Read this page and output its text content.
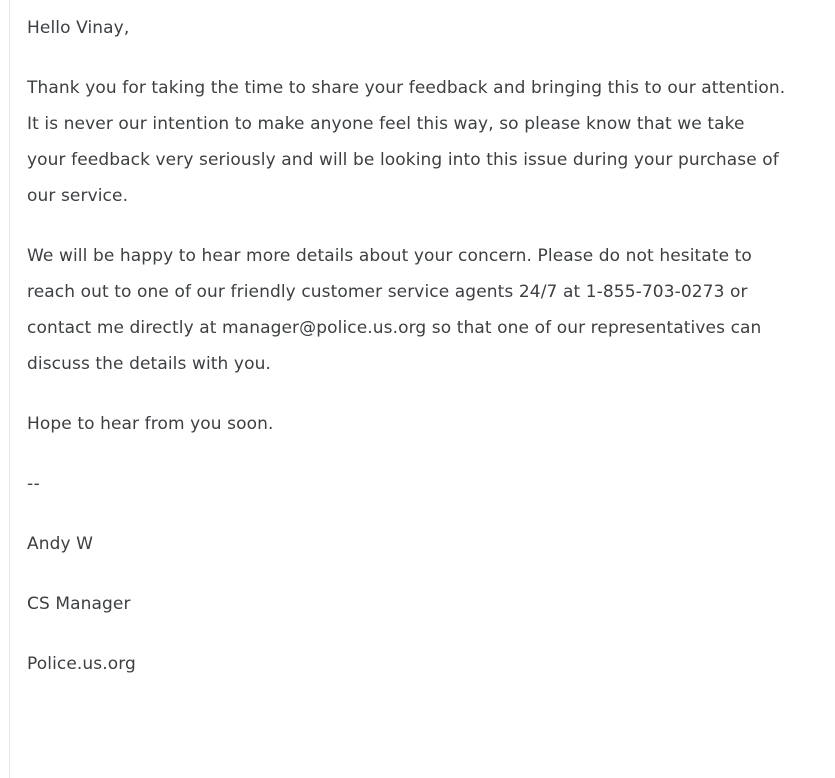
Hello Vinay,

Thank you for taking the time to share your feedback and bringing this to our attention. It is never our intention to make anyone feel this way, so please know that we take your feedback very seriously and will be looking into this issue during your purchase of our service.

We will be happy to hear more details about your concern. Please do not hesitate to reach out to one of our friendly customer service agents 24/7 at 1-855-703-0273 or contact me directly at manager@police.us.org so that one of our representatives can discuss the details with you.

Hope to hear from you soon.

--
Andy W
CS Manager
Police.us.org
